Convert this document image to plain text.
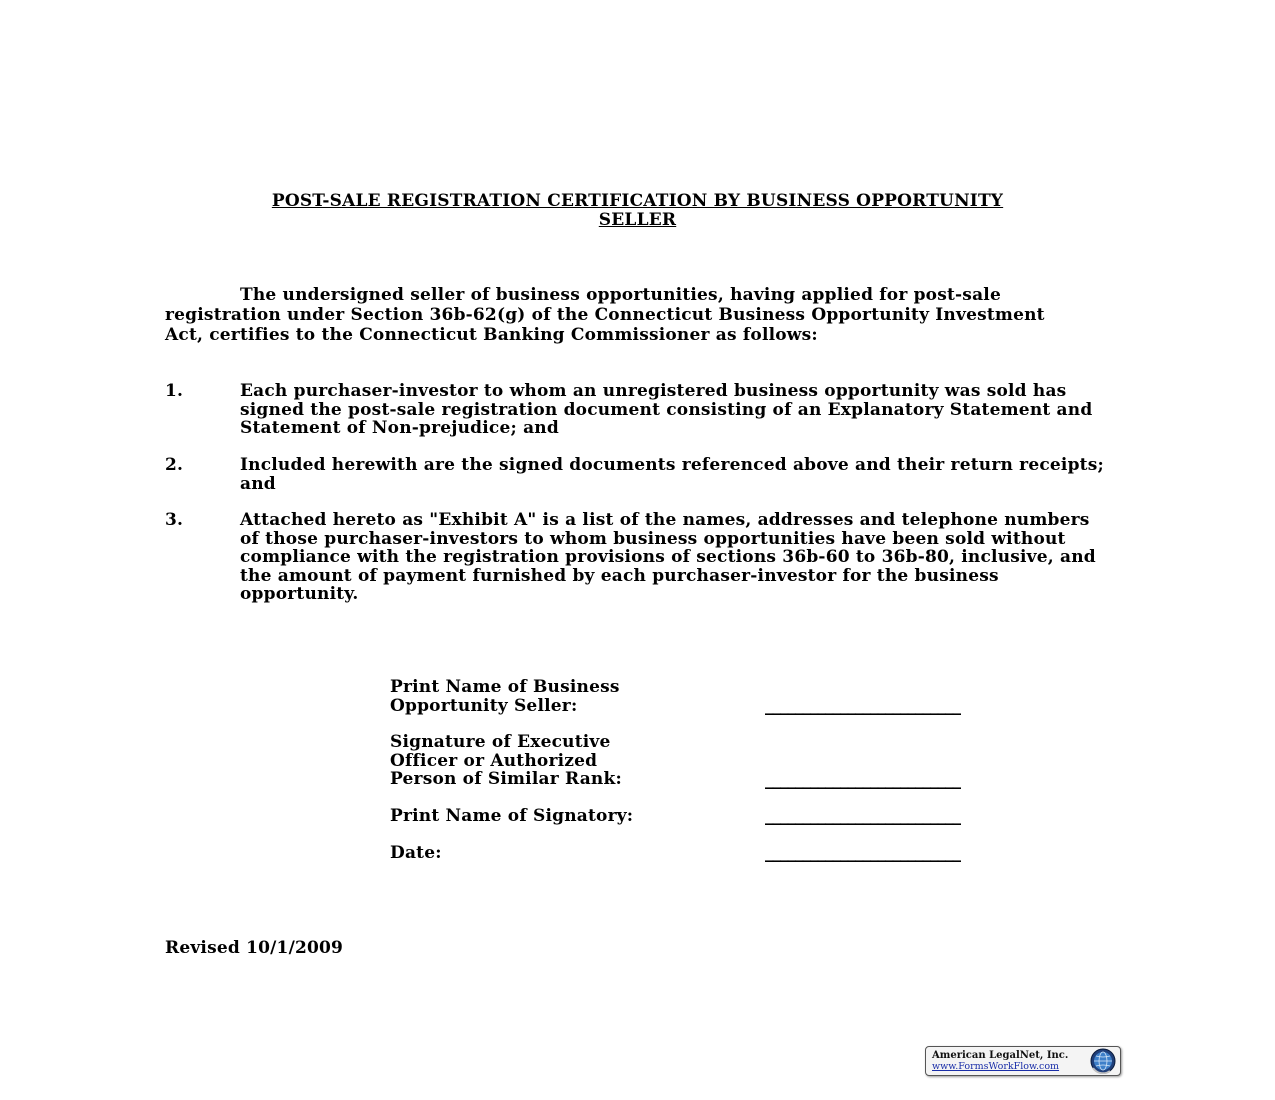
POST-SALE REGISTRATION CERTIFICATION BY BUSINESS OPPORTUNITY
SELLER
The undersigned seller of business opportunities, having applied for post-sale registration under Section 36b-62(g) of the Connecticut Business Opportunity Investment Act, certifies to the Connecticut Banking Commissioner as follows:
1.	Each purchaser-investor to whom an unregistered business opportunity was sold has signed the post-sale registration document consisting of an Explanatory Statement and Statement of Non-prejudice; and
2.	Included herewith are the signed documents referenced above and their return receipts; and
3.	Attached hereto as "Exhibit A" is a list of the names, addresses and telephone numbers of those purchaser-investors to whom business opportunities have been sold without compliance with the registration provisions of sections 36b-60 to 36b-80, inclusive, and the amount of payment furnished by each purchaser-investor for the business opportunity.
Print Name of Business
Opportunity Seller:	__________________________
Signature of Executive
Officer or Authorized
Person of Similar Rank:	__________________________
Print Name of Signatory:	__________________________
Date:	__________________________
Revised 10/1/2009
American LegalNet, Inc.
www.FormsWorkFlow.com
